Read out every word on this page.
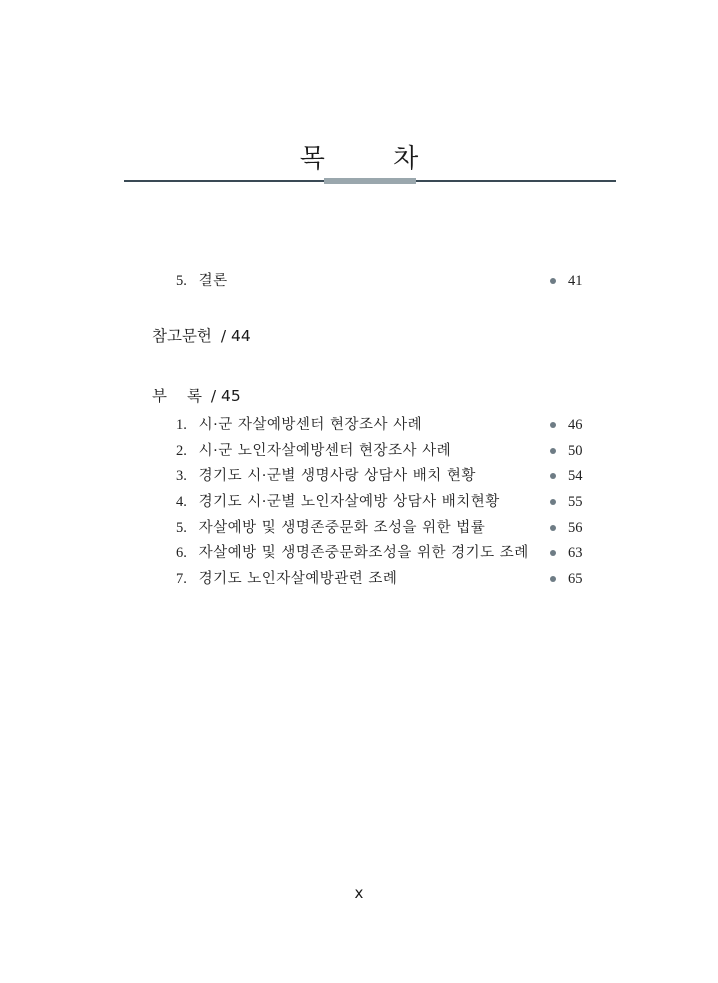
목 차
5. 결론	41
참고문헌 / 44
부 록 / 45
1. 시·군 자살예방센터 현장조사 사례	46
2. 시·군 노인자살예방센터 현장조사 사례	50
3. 경기도 시·군별 생명사랑 상담사 배치 현황	54
4. 경기도 시·군별 노인자살예방 상담사 배치현황	55
5. 자살예방 및 생명존중문화 조성을 위한 법률	56
6. 자살예방 및 생명존중문화조성을 위한 경기도 조례	63
7. 경기도 노인자살예방관련 조례	65
x
